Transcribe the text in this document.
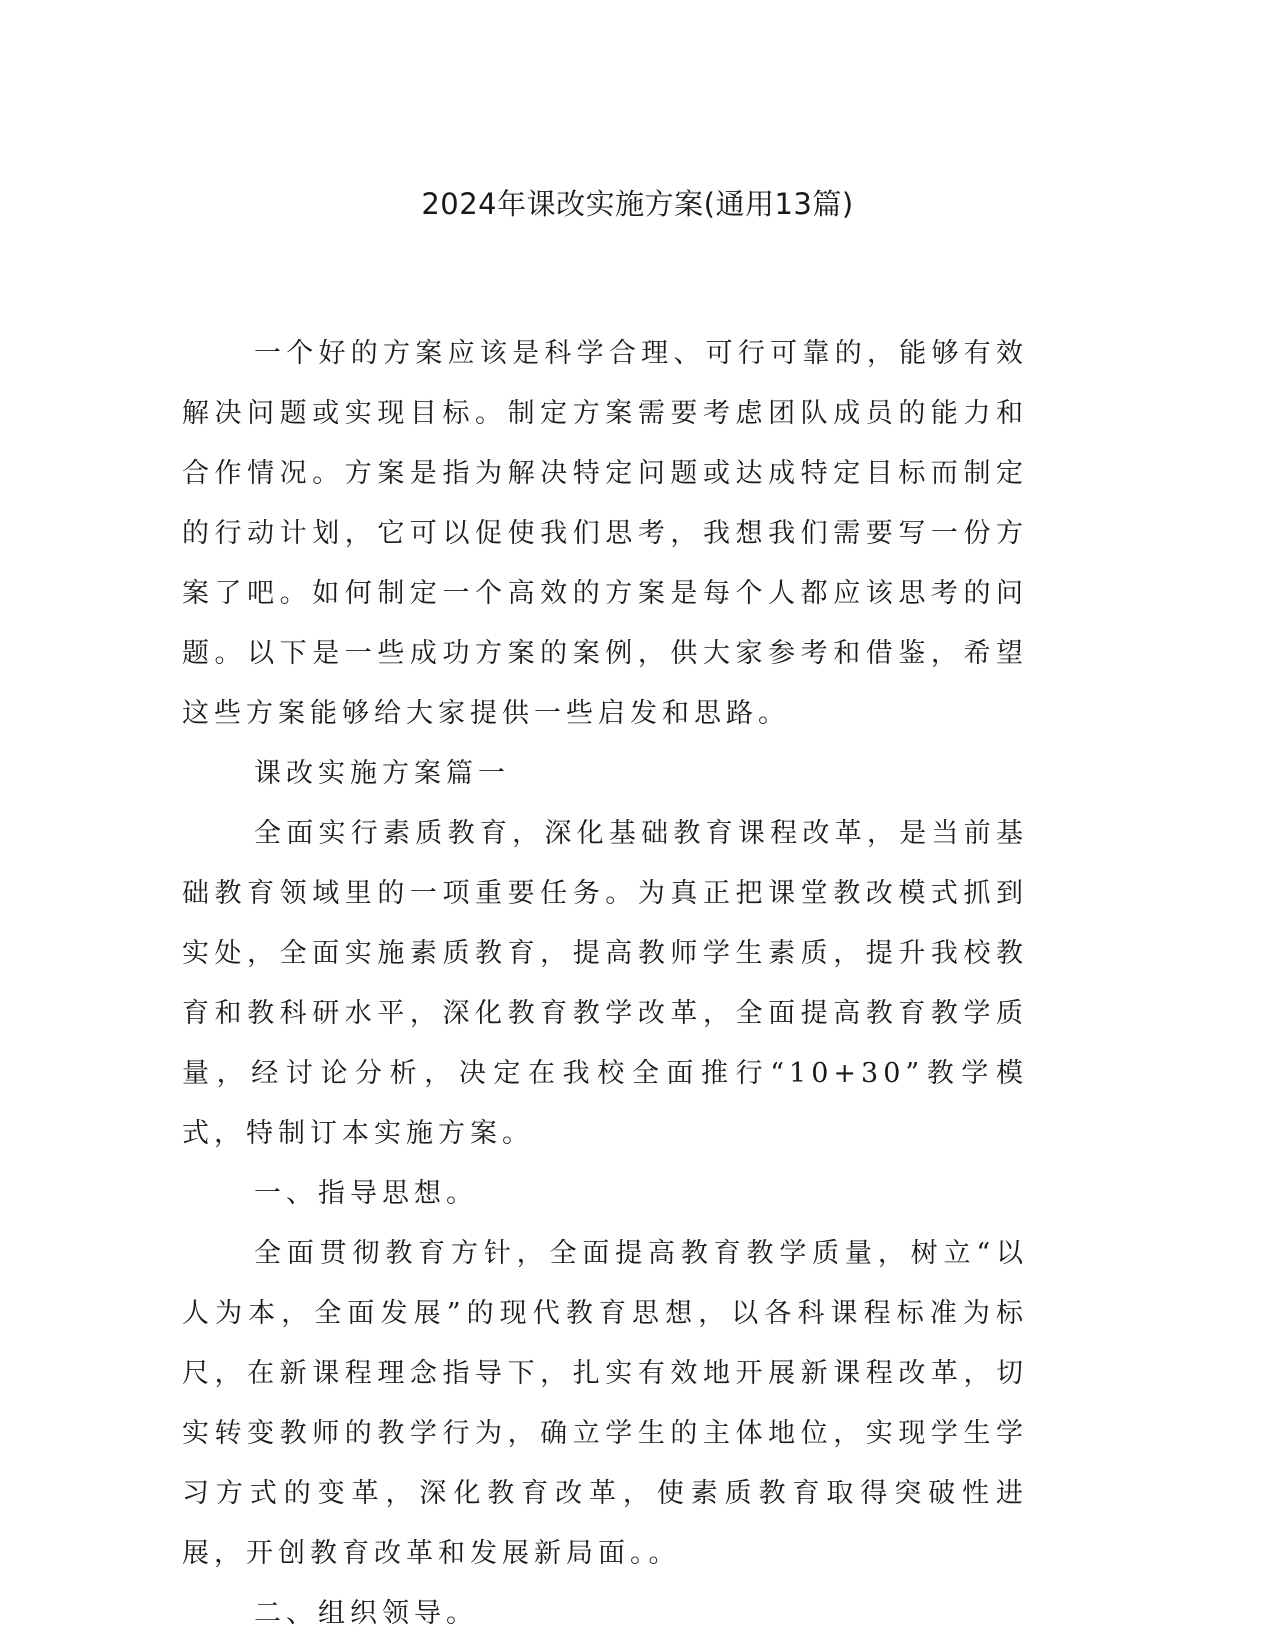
2024年课改实施方案(通用13篇)

一个好的方案应该是科学合理、可行可靠的，能够有效解决问题或实现目标。制定方案需要考虑团队成员的能力和合作情况。方案是指为解决特定问题或达成特定目标而制定的行动计划，它可以促使我们思考，我想我们需要写一份方案了吧。如何制定一个高效的方案是每个人都应该思考的问题。以下是一些成功方案的案例，供大家参考和借鉴，希望这些方案能够给大家提供一些启发和思路。

课改实施方案篇一

全面实行素质教育，深化基础教育课程改革，是当前基础教育领域里的一项重要任务。为真正把课堂教改模式抓到实处，全面实施素质教育，提高教师学生素质，提升我校教育和教科研水平，深化教育教学改革，全面提高教育教学质量，经讨论分析，决定在我校全面推行“10+30”教学模式，特制订本实施方案。

一、指导思想。

全面贯彻教育方针，全面提高教育教学质量，树立“以人为本，全面发展”的现代教育思想，以各科课程标准为标尺，在新课程理念指导下，扎实有效地开展新课程改革，切实转变教师的教学行为，确立学生的主体地位，实现学生学习方式的变革，深化教育改革，使素质教育取得突破性进展，开创教育改革和发展新局面。。

二、组织领导。
